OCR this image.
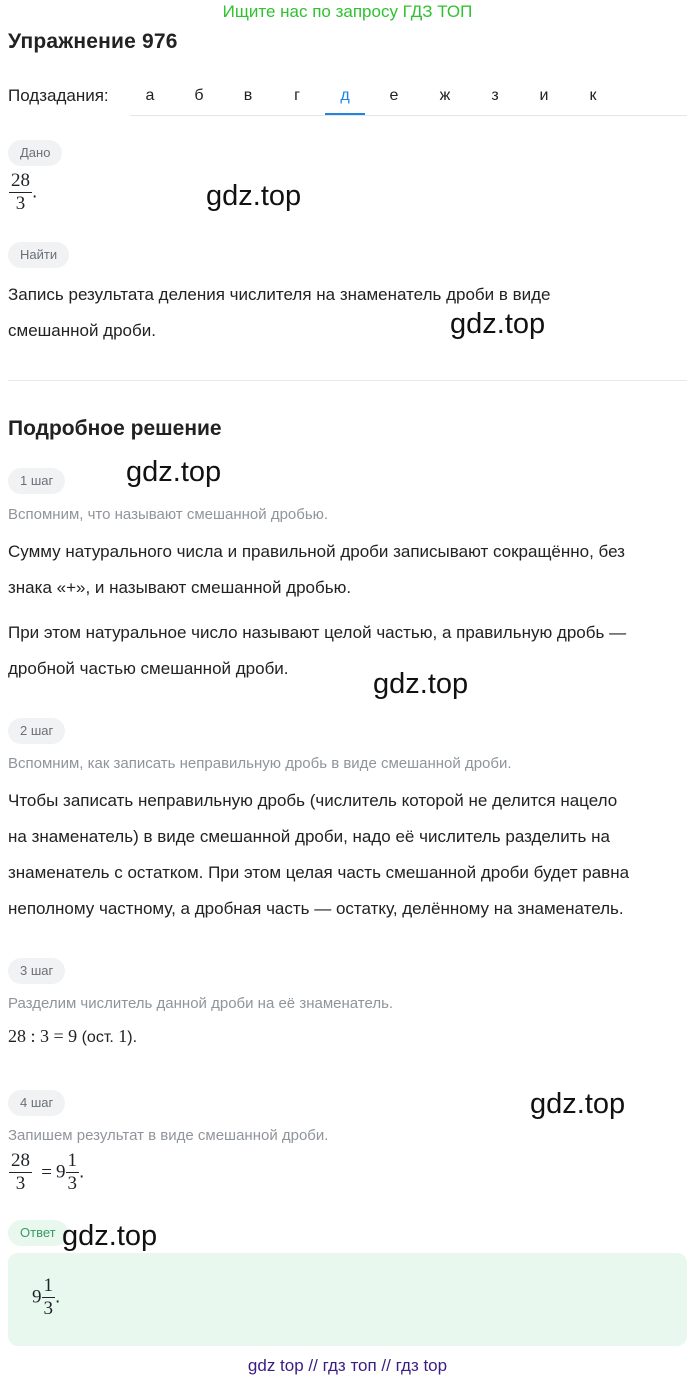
Ищите нас по запросу ГДЗ ТОП
Упражнение 976
Подзадания:	а	б	в	г	д	е	ж	з	и	к
Дано
$\frac{28}{3}$ .	gdz.top
Найти
Запись результата деления числителя на знаменатель дроби в виде
смешанной дроби.	gdz.top
Подробное решение
1 шаг	gdz.top
Вспомним, что называют смешанной дробью.
Сумму натурального числа и правильной дроби записывают сокращённо, без
знака «+», и называют смешанной дробью.
При этом натуральное число называют целой частью, а правильную дробь —
дробной частью смешанной дроби.	gdz.top
2 шаг
Вспомним, как записать неправильную дробь в виде смешанной дроби.
Чтобы записать неправильную дробь (числитель которой не делится нацело
на знаменатель) в виде смешанной дроби, надо её числитель разделить на
знаменатель с остатком. При этом целая часть смешанной дроби будет равна
неполному частному, а дробная часть — остатку, делённому на знаменатель.
3 шаг
Разделим числитель данной дроби на её знаменатель.
28 : 3 = 9 (ост. 1).
4 шаг	gdz.top
Запишем результат в виде смешанной дроби.
$\frac{28}{3} = 9 \frac{1}{3}$ .
Ответ gdz.top
$9 \frac{1}{3}$ .
gdz top // гдз топ // гдз top
